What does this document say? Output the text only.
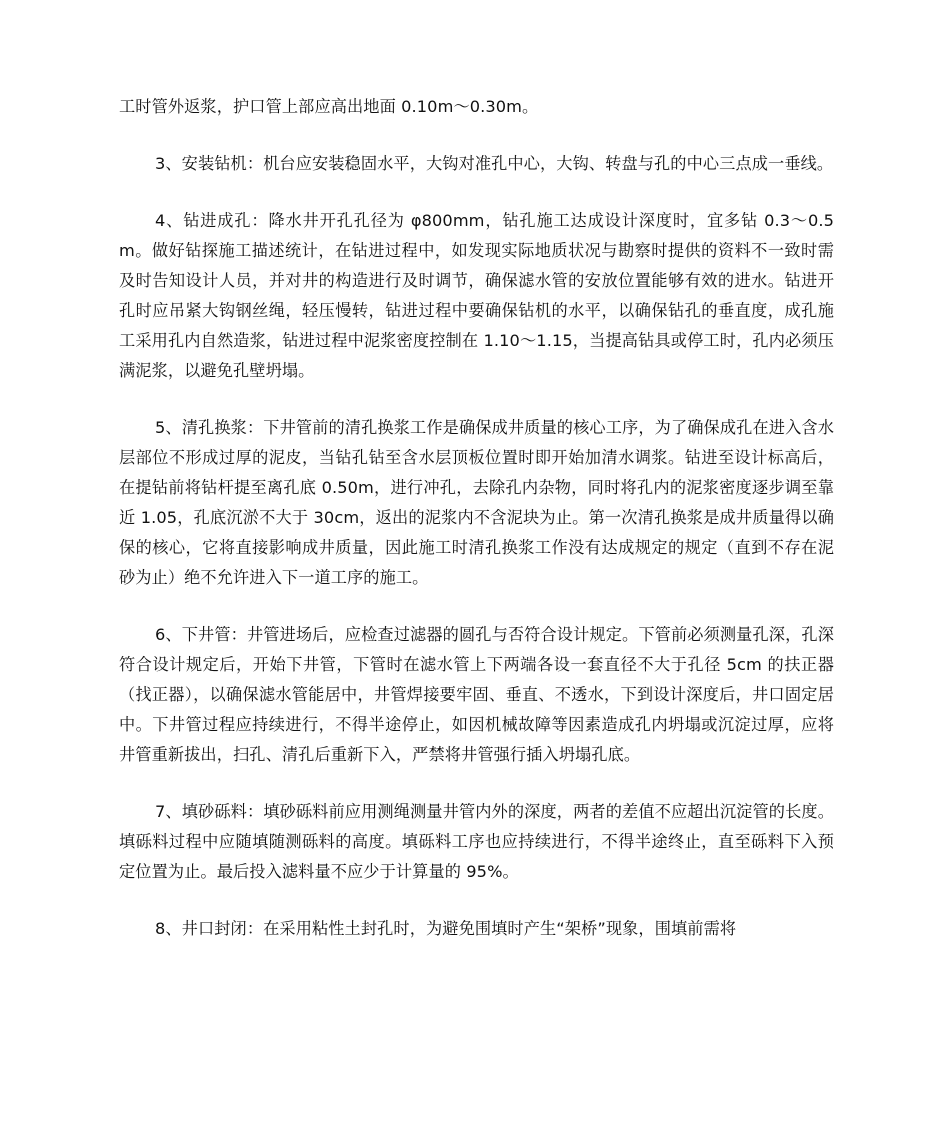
工时管外返浆，护口管上部应高出地面 0.10m～0.30m。

3、安装钻机：机台应安装稳固水平，大钩对准孔中心，大钩、转盘与孔的中心三点成一垂线。

4、钻进成孔：降水井开孔孔径为 φ800mm，钻孔施工达成设计深度时，宜多钻 0.3～0.5m。做好钻探施工描述统计，在钻进过程中，如发现实际地质状况与勘察时提供的资料不一致时需及时告知设计人员，并对井的构造进行及时调节，确保滤水管的安放位置能够有效的进水。钻进开孔时应吊紧大钩钢丝绳，轻压慢转，钻进过程中要确保钻机的水平，以确保钻孔的垂直度，成孔施工采用孔内自然造浆，钻进过程中泥浆密度控制在 1.10～1.15，当提高钻具或停工时，孔内必须压满泥浆，以避免孔壁坍塌。

5、清孔换浆：下井管前的清孔换浆工作是确保成井质量的核心工序，为了确保成孔在进入含水层部位不形成过厚的泥皮，当钻孔钻至含水层顶板位置时即开始加清水调浆。钻进至设计标高后，在提钻前将钻杆提至离孔底 0.50m，进行冲孔，去除孔内杂物，同时将孔内的泥浆密度逐步调至靠近 1.05，孔底沉淤不大于 30cm，返出的泥浆内不含泥块为止。第一次清孔换浆是成井质量得以确保的核心，它将直接影响成井质量，因此施工时清孔换浆工作没有达成规定的规定（直到不存在泥砂为止）绝不允许进入下一道工序的施工。

6、下井管：井管进场后，应检查过滤器的圆孔与否符合设计规定。下管前必须测量孔深，孔深符合设计规定后，开始下井管，下管时在滤水管上下两端各设一套直径不大于孔径 5cm 的扶正器（找正器），以确保滤水管能居中，井管焊接要牢固、垂直、不透水，下到设计深度后，井口固定居中。下井管过程应持续进行，不得半途停止，如因机械故障等因素造成孔内坍塌或沉淀过厚，应将井管重新拔出，扫孔、清孔后重新下入，严禁将井管强行插入坍塌孔底。

7、填砂砾料：填砂砾料前应用测绳测量井管内外的深度，两者的差值不应超出沉淀管的长度。填砾料过程中应随填随测砾料的高度。填砾料工序也应持续进行，不得半途终止，直至砾料下入预定位置为止。最后投入滤料量不应少于计算量的 95%。

8、井口封闭：在采用粘性土封孔时，为避免围填时产生“架桥”现象，围填前需将
